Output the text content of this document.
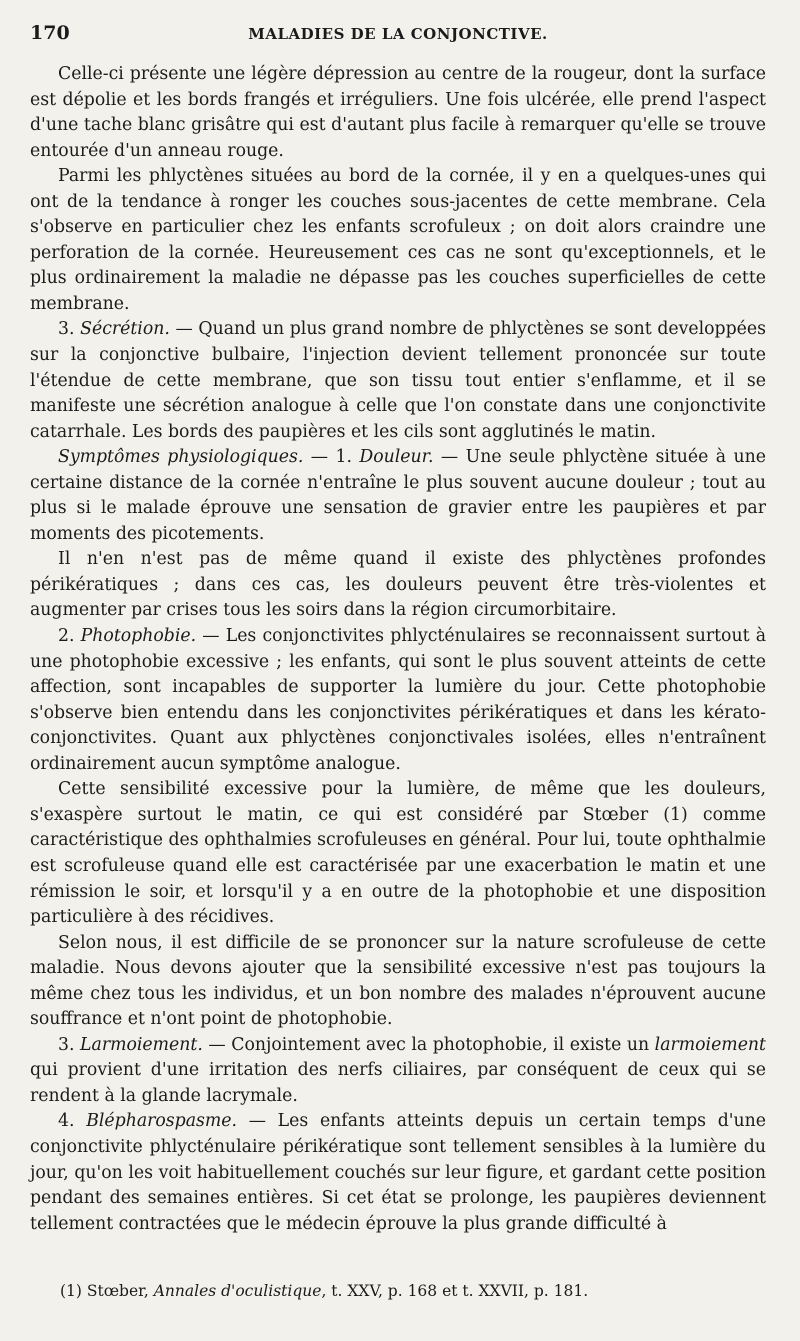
170	MALADIES DE LA CONJONCTIVE.

Celle-ci présente une légère dépression au centre de la rougeur, dont la surface est dépolie et les bords frangés et irréguliers. Une fois ulcérée, elle prend l'aspect d'une tache blanc grisâtre qui est d'autant plus facile à remarquer qu'elle se trouve entourée d'un anneau rouge.

Parmi les phlyctènes situées au bord de la cornée, il y en a quelques-unes qui ont de la tendance à ronger les couches sous-jacentes de cette membrane. Cela s'observe en particulier chez les enfants scrofuleux ; on doit alors craindre une perforation de la cornée. Heureusement ces cas ne sont qu'exceptionnels, et le plus ordinairement la maladie ne dépasse pas les couches superficielles de cette membrane.

3. Sécrétion. — Quand un plus grand nombre de phlyctènes se sont developpées sur la conjonctive bulbaire, l'injection devient tellement prononcée sur toute l'étendue de cette membrane, que son tissu tout entier s'enflamme, et il se manifeste une sécrétion analogue à celle que l'on constate dans une conjonctivite catarrhale. Les bords des paupières et les cils sont agglutinés le matin.

Symptômes physiologiques. — 1. Douleur. — Une seule phlyctène située à une certaine distance de la cornée n'entraîne le plus souvent aucune douleur ; tout au plus si le malade éprouve une sensation de gravier entre les paupières et par moments des picotements.

Il n'en n'est pas de même quand il existe des phlyctènes profondes périkératiques ; dans ces cas, les douleurs peuvent être très-violentes et augmenter par crises tous les soirs dans la région circumorbitaire.

2. Photophobie. — Les conjonctivites phlycténulaires se reconnaissent surtout à une photophobie excessive ; les enfants, qui sont le plus souvent atteints de cette affection, sont incapables de supporter la lumière du jour. Cette photophobie s'observe bien entendu dans les conjonctivites périkératiques et dans les kérato-conjonctivites. Quant aux phlyctènes conjonctivales isolées, elles n'entraînent ordinairement aucun symptôme analogue.

Cette sensibilité excessive pour la lumière, de même que les douleurs, s'exaspère surtout le matin, ce qui est considéré par Stœber (1) comme caractéristique des ophthalmies scrofuleuses en général. Pour lui, toute ophthalmie est scrofuleuse quand elle est caractérisée par une exacerbation le matin et une rémission le soir, et lorsqu'il y a en outre de la photophobie et une disposition particulière à des récidives.

Selon nous, il est difficile de se prononcer sur la nature scrofuleuse de cette maladie. Nous devons ajouter que la sensibilité excessive n'est pas toujours la même chez tous les individus, et un bon nombre des malades n'éprouvent aucune souffrance et n'ont point de photophobie.

3. Larmoiement. — Conjointement avec la photophobie, il existe un larmoiement qui provient d'une irritation des nerfs ciliaires, par conséquent de ceux qui se rendent à la glande lacrymale.

4. Blépharospasme. — Les enfants atteints depuis un certain temps d'une conjonctivite phlycténulaire périkératique sont tellement sensibles à la lumière du jour, qu'on les voit habituellement couchés sur leur figure, et gardant cette position pendant des semaines entières. Si cet état se prolonge, les paupières deviennent tellement contractées que le médecin éprouve la plus grande difficulté à

(1) Stœber, Annales d'oculistique, t. XXV, p. 168 et t. XXVII, p. 181.
